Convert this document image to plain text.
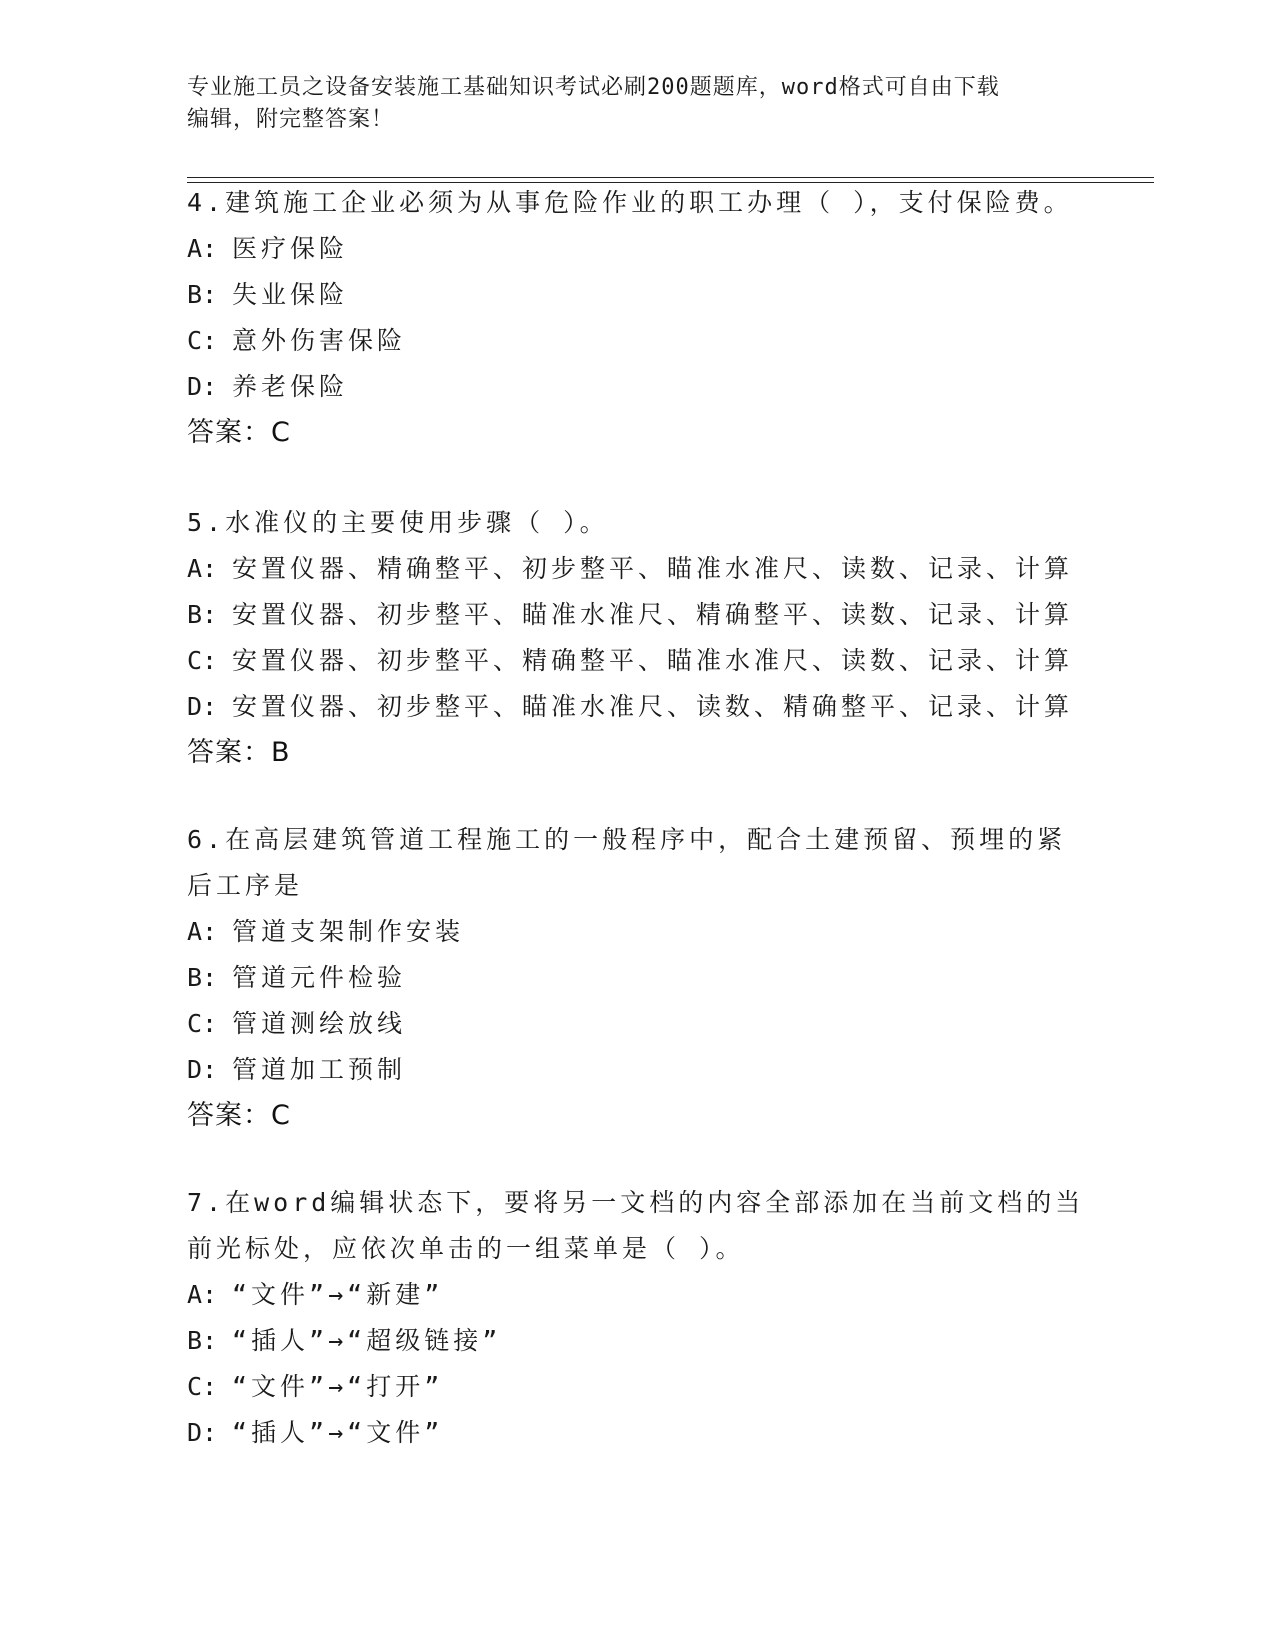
专业施工员之设备安装施工基础知识考试必刷200题题库，word格式可自由下载
编辑，附完整答案！
4.建筑施工企业必须为从事危险作业的职工办理（ ），支付保险费。
A: 医疗保险
B: 失业保险
C: 意外伤害保险
D: 养老保险
答案：C
5.水准仪的主要使用步骤（ ）。
A: 安置仪器、精确整平、初步整平、瞄准水准尺、读数、记录、计算
B: 安置仪器、初步整平、瞄准水准尺、精确整平、读数、记录、计算
C: 安置仪器、初步整平、精确整平、瞄准水准尺、读数、记录、计算
D: 安置仪器、初步整平、瞄准水准尺、读数、精确整平、记录、计算
答案：B
6.在高层建筑管道工程施工的一般程序中，配合土建预留、预埋的紧
后工序是
A: 管道支架制作安装
B: 管道元件检验
C: 管道测绘放线
D: 管道加工预制
答案：C
7.在word编辑状态下，要将另一文档的内容全部添加在当前文档的当
前光标处，应依次单击的一组菜单是（ ）。
A: “文件”→“新建”
B: “插人”→“超级链接”
C: “文件”→“打开”
D: “插人”→“文件”
